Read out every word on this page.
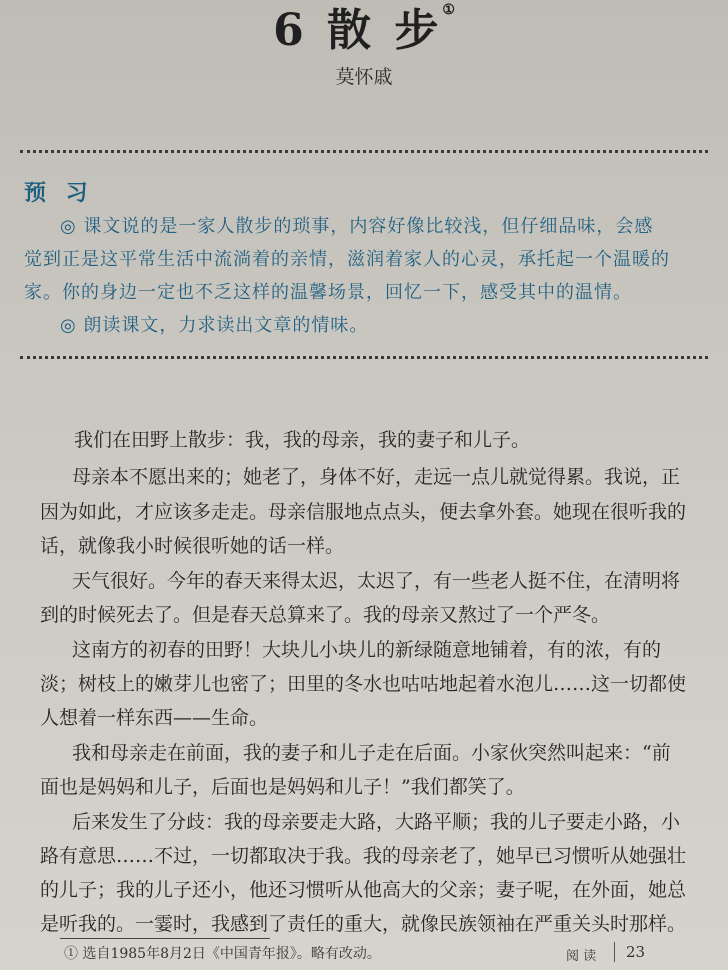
6 散 步①
莫怀戚
预 习
◎ 课文说的是一家人散步的琐事，内容好像比较浅，但仔细品味，会感
觉到正是这平常生活中流淌着的亲情，滋润着家人的心灵，承托起一个温暖的
家。你的身边一定也不乏这样的温馨场景，回忆一下，感受其中的温情。
◎ 朗读课文，力求读出文章的情味。
我们在田野上散步：我，我的母亲，我的妻子和儿子。
母亲本不愿出来的；她老了，身体不好，走远一点儿就觉得累。我说，正
因为如此，才应该多走走。母亲信服地点点头，便去拿外套。她现在很听我的
话，就像我小时候很听她的话一样。
天气很好。今年的春天来得太迟，太迟了，有一些老人挺不住，在清明将
到的时候死去了。但是春天总算来了。我的母亲又熬过了一个严冬。
这南方的初春的田野！大块儿小块儿的新绿随意地铺着，有的浓，有的
淡；树枝上的嫩芽儿也密了；田里的冬水也咕咕地起着水泡儿……这一切都使
人想着一样东西——生命。
我和母亲走在前面，我的妻子和儿子走在后面。小家伙突然叫起来：“前
面也是妈妈和儿子，后面也是妈妈和儿子！”我们都笑了。
① 选自1985年8月2日《中国青年报》。略有改动。	阅 读 23
后来发生了分歧：我的母亲要走大路，大路平顺；我的儿子要走小路，小
路有意思……不过，一切都取决于我。我的母亲老了，她早已习惯听从她强壮
的儿子；我的儿子还小，他还习惯听从他高大的父亲；妻子呢，在外面，她总
是听我的。一霎时，我感到了责任的重大，就像民族领袖在严重关头时那样。
